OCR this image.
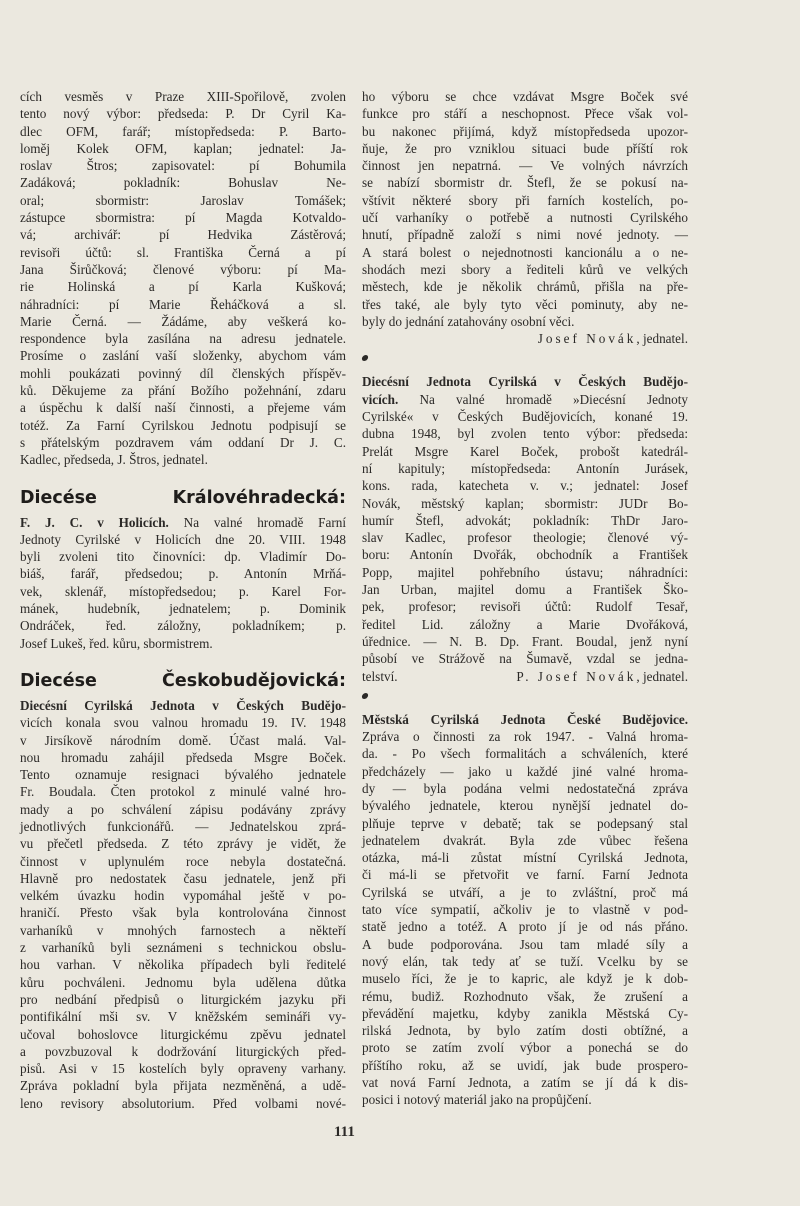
cích vesměs v Praze XIII-Spořilově, zvolen
tento nový výbor: předseda: P. Dr Cyril Ka-
dlec OFM, farář; místopředseda: P. Barto-
loměj Kolek OFM, kaplan; jednatel: Ja-
roslav Štros; zapisovatel: pí Bohumila
Zadáková; pokladník: Bohuslav Ne-
oral; sbormistr: Jaroslav Tomášek;
zástupce sbormistra: pí Magda Kotvaldo-
vá; archivář: pí Hedvika Zástěrová;
revisoři účtů: sl. Františka Černá a pí
Jana Širůčková; členové výboru: pí Ma-
rie Holinská a pí Karla Kušková;
náhradníci: pí Marie Řeháčková a sl.
Marie Černá. — Žádáme, aby veškerá ko-
respondence byla zasílána na adresu jednatele.
Prosíme o zaslání vaší složenky, abychom vám
mohli poukázati povinný díl členských příspěv-
ků. Děkujeme za přání Božího požehnání, zdaru
a úspěchu k další naší činnosti, a přejeme vám
totéž. Za Farní Cyrilskou Jednotu podpisují se
s přátelským pozdravem vám oddaní Dr J. C.
Kadlec, předseda, J. Štros, jednatel.
Diecése Královéhradecká:
F. J. C. v Holicích. Na valné hromadě Farní
Jednoty Cyrilské v Holicích dne 20. VIII. 1948
byli zvoleni tito činovníci: dp. Vladimír Do-
biáš, farář, předsedou; p. Antonín Mrňá-
vek, sklenář, místopředsedou; p. Karel For-
mánek, hudebník, jednatelem; p. Dominik
Ondráček, řed. záložny, pokladníkem; p.
Josef Lukeš, řed. kůru, sbormistrem.
Diecése Českobudějovická:
Diecésní Cyrilská Jednota v Českých Budějo-
vicích konala svou valnou hromadu 19. IV. 1948
v Jirsíkově národním domě. Účast malá. Val-
nou hromadu zahájil předseda Msgre Boček.
Tento oznamuje resignaci bývalého jednatele
Fr. Boudala. Čten protokol z minulé valné hro-
mady a po schválení zápisu podávány zprávy
jednotlivých funkcionářů. — Jednatelskou zprá-
vu přečetl předseda. Z této zprávy je vidět, že
činnost v uplynulém roce nebyla dostatečná.
Hlavně pro nedostatek času jednatele, jenž při
velkém úvazku hodin vypomáhal ještě v po-
hraničí. Přesto však byla kontrolována činnost
varhaníků v mnohých farnostech a někteří
z varhaníků byli seznámeni s technickou obslu-
hou varhan. V několika případech byli ředitelé
kůru pochváleni. Jednomu byla udělena důtka
pro nedbání předpisů o liturgickém jazyku při
pontifikální mši sv. V kněžském semináři vy-
učoval bohoslovce liturgickému zpěvu jednatel
a povzbuzoval k dodržování liturgických před-
pisů. Asi v 15 kostelích byly opraveny varhany.
Zpráva pokladní byla přijata nezměněná, a udě-
leno revisory absolutorium. Před volbami nové-
ho výboru se chce vzdávat Msgre Boček své
funkce pro stáří a neschopnost. Přece však vol-
bu nakonec přijímá, když místopředseda upozor-
ňuje, že pro vzniklou situaci bude příští rok
činnost jen nepatrná. — Ve volných návrzích
se nabízí sbormistr dr. Štefl, že se pokusí na-
vštívit některé sbory při farních kostelích, po-
učí varhaníky o potřebě a nutnosti Cyrilského
hnutí, případně založí s nimi nové jednoty. —
A stará bolest o nejednotnosti kancionálu a o ne-
shodách mezi sbory a řediteli kůrů ve velkých
městech, kde je několik chrámů, přišla na pře-
třes také, ale byly tyto věci pominuty, aby ne-
byly do jednání zatahovány osobní věci.
Josef Novák, jednatel.
Diecésní Jednota Cyrilská v Českých Budějo-
vicích. Na valné hromadě »Diecésní Jednoty
Cyrilské« v Českých Budějovicích, konané 19.
dubna 1948, byl zvolen tento výbor: předseda:
Prelát Msgre Karel Boček, probošt katedrál-
ní kapituly; místopředseda: Antonín Jurásek,
kons. rada, katecheta v. v.; jednatel: Josef
Novák, městský kaplan; sbormistr: JUDr Bo-
humír Štefl, advokát; pokladník: ThDr Jaro-
slav Kadlec, profesor theologie; členové vý-
boru: Antonín Dvořák, obchodník a František
Popp, majitel pohřebního ústavu; náhradníci:
Jan Urban, majitel domu a František Ško-
pek, profesor; revisoři účtů: Rudolf Tesař,
ředitel Lid. záložny a Marie Dvořáková,
úřednice. — N. B. Dp. Frant. Boudal, jenž nyní
působí ve Strážově na Šumavě, vzdal se jedna-
telství.	P. Josef Novák, jednatel.
Městská Cyrilská Jednota České Budějovice.
Zpráva o činnosti za rok 1947. - Valná hroma-
da. - Po všech formalitách a schváleních, které
předcházely — jako u každé jiné valné hroma-
dy — byla podána velmi nedostatečná zpráva
bývalého jednatele, kterou nynější jednatel do-
plňuje teprve v debatě; tak se podepsaný stal
jednatelem dvakrát. Byla zde vůbec řešena
otázka, má-li zůstat místní Cyrilská Jednota,
či má-li se přetvořit ve farní. Farní Jednota
Cyrilská se utváří, a je to zvláštní, proč má
tato více sympatií, ačkoliv je to vlastně v pod-
statě jedno a totéž. A proto jí je od nás přáno.
A bude podporována. Jsou tam mladé síly a
nový elán, tak tedy ať se tuží. Vcelku by se
muselo říci, že je to kapric, ale když je k dob-
rému, budiž. Rozhodnuto však, že zrušení a
převádění majetku, kdyby zanikla Městská Cy-
rilská Jednota, by bylo zatím dosti obtížné, a
proto se zatím zvolí výbor a ponechá se do
příštího roku, až se uvidí, jak bude prospero-
vat nová Farní Jednota, a zatím se jí dá k dis-
posici i notový materiál jako na propůjčení.
111
